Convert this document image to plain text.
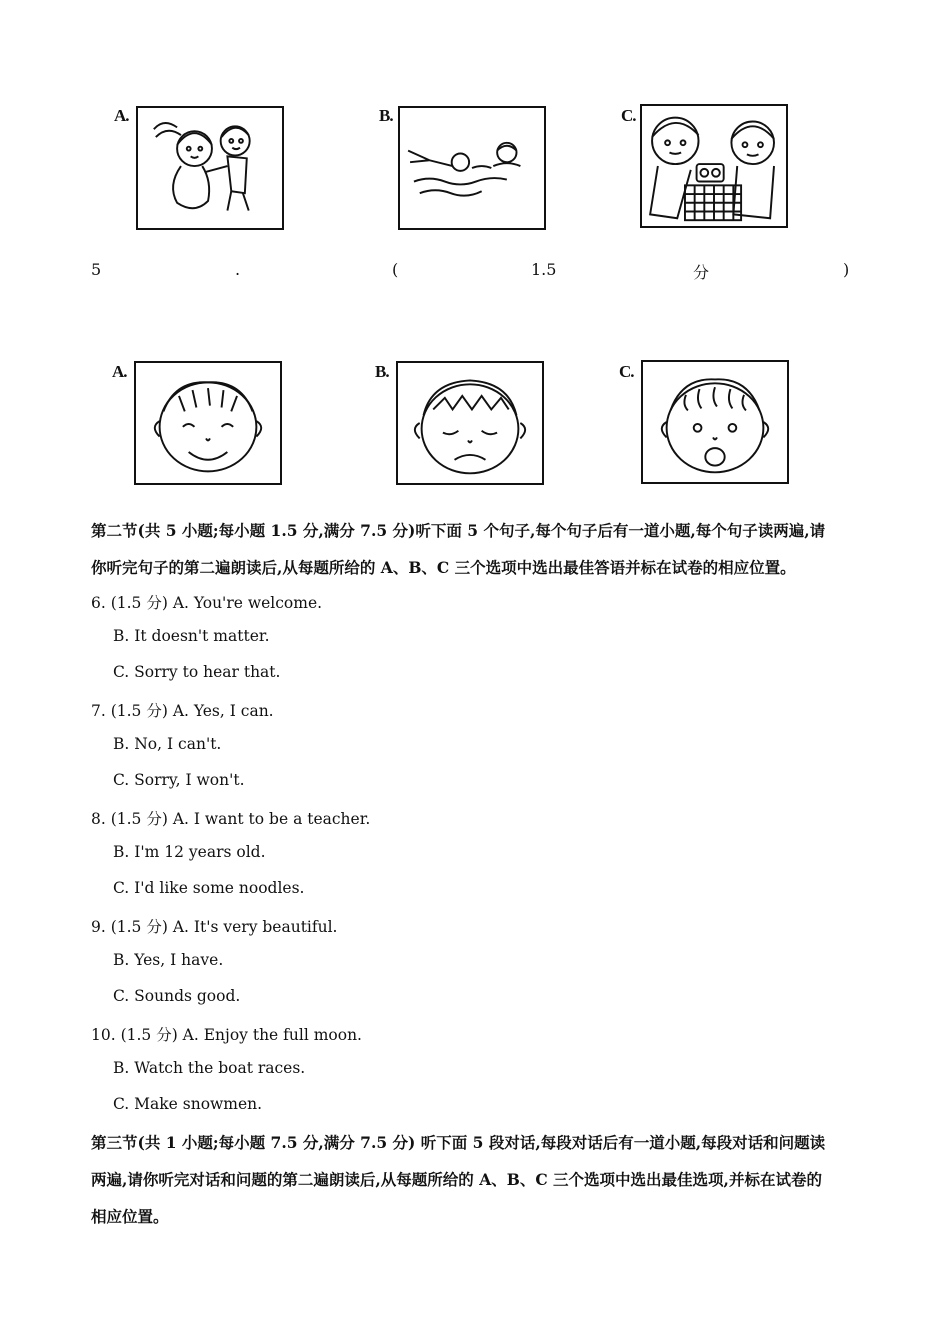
A.	B.	C.
5	.	(	1.5	分	)
A.	B.	C.
第二节(共 5 小题;每小题 1.5 分,满分 7.5 分)听下面 5 个句子,每个句子后有一道小题,每个句子读两遍,请
你听完句子的第二遍朗读后,从每题所给的 A、B、C 三个选项中选出最佳答语并标在试卷的相应位置。
6. (1.5 分) A. You're welcome.
B. It doesn't matter.
C. Sorry to hear that.
7. (1.5 分) A. Yes, I can.
B. No, I can't.
C. Sorry, I won't.
8. (1.5 分) A. I want to be a teacher.
B. I'm 12 years old.
C. I'd like some noodles.
9. (1.5 分) A. It's very beautiful.
B. Yes, I have.
C. Sounds good.
10. (1.5 分) A. Enjoy the full moon.
B. Watch the boat races.
C. Make snowmen.
第三节(共 1 小题;每小题 7.5 分,满分 7.5 分) 听下面 5 段对话,每段对话后有一道小题,每段对话和问题读
两遍,请你听完对话和问题的第二遍朗读后,从每题所给的 A、B、C 三个选项中选出最佳选项,并标在试卷的
相应位置。
